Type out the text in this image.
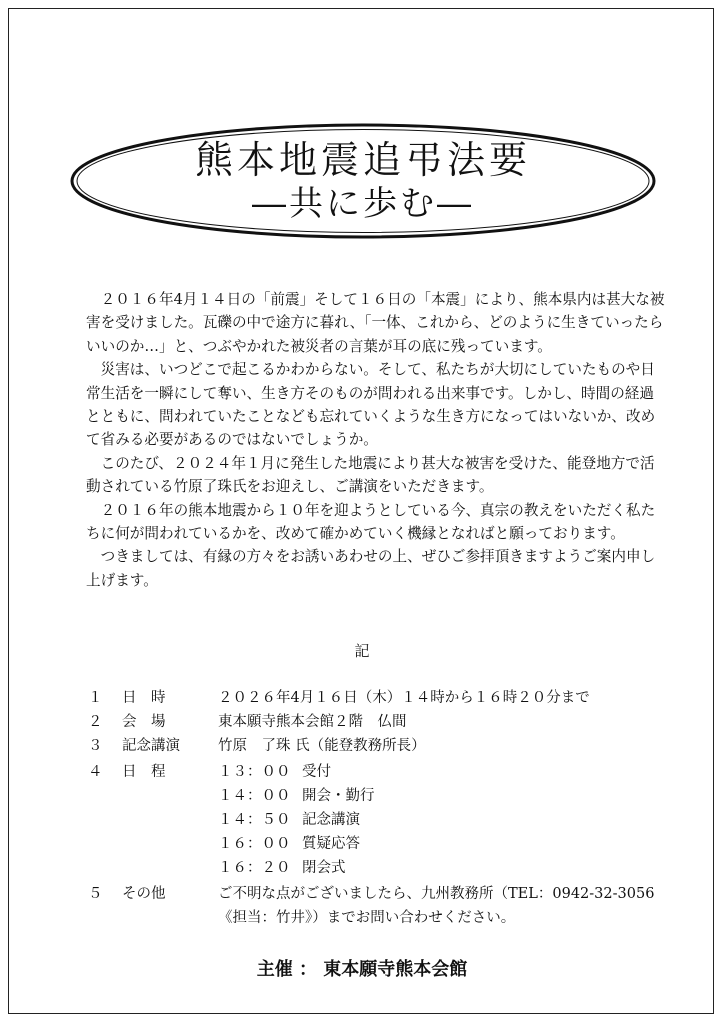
熊本地震追弔法要
―共に歩む―

２０１６年4月１４日の「前震」そして１６日の「本震」により、熊本県内は甚大な被害を受けました。瓦礫の中で途方に暮れ、「一体、これから、どのように生きていったらいいのか…」と、つぶやかれた被災者の言葉が耳の底に残っています。

災害は、いつどこで起こるかわからない。そして、私たちが大切にしていたものや日常生活を一瞬にして奪い、生き方そのものが問われる出来事です。しかし、時間の経過とともに、問われていたことなども忘れていくような生き方になってはいないか、改めて省みる必要があるのではないでしょうか。

このたび、２０２４年１月に発生した地震により甚大な被害を受けた、能登地方で活動されている竹原了珠氏をお迎えし、ご講演をいただきます。

２０１６年の熊本地震から１０年を迎ようとしている今、真宗の教えをいただく私たちに何が問われているかを、改めて確かめていく機縁となればと願っております。

つきましては、有縁の方々をお誘いあわせの上、ぜひご参拝頂きますようご案内申し上げます。

記
１ 日　時	２０２６年4月１６日（木）１４時から１６時２０分まで
２ 会　場	東本願寺熊本会館２階　仏間
３ 記念講演	竹原　了珠 氏（能登教務所長）
４ 日　程	１３：００ 受付
１４：００ 開会・勤行
１４：５０ 記念講演
１６：００ 質疑応答
１６：２０ 閉会式
５ その他	ご不明な点がございましたら、九州教務所（TEL：0942-32-3056
《担当：竹井》）までお問い合わせください。
主催 ： 東本願寺熊本会館
